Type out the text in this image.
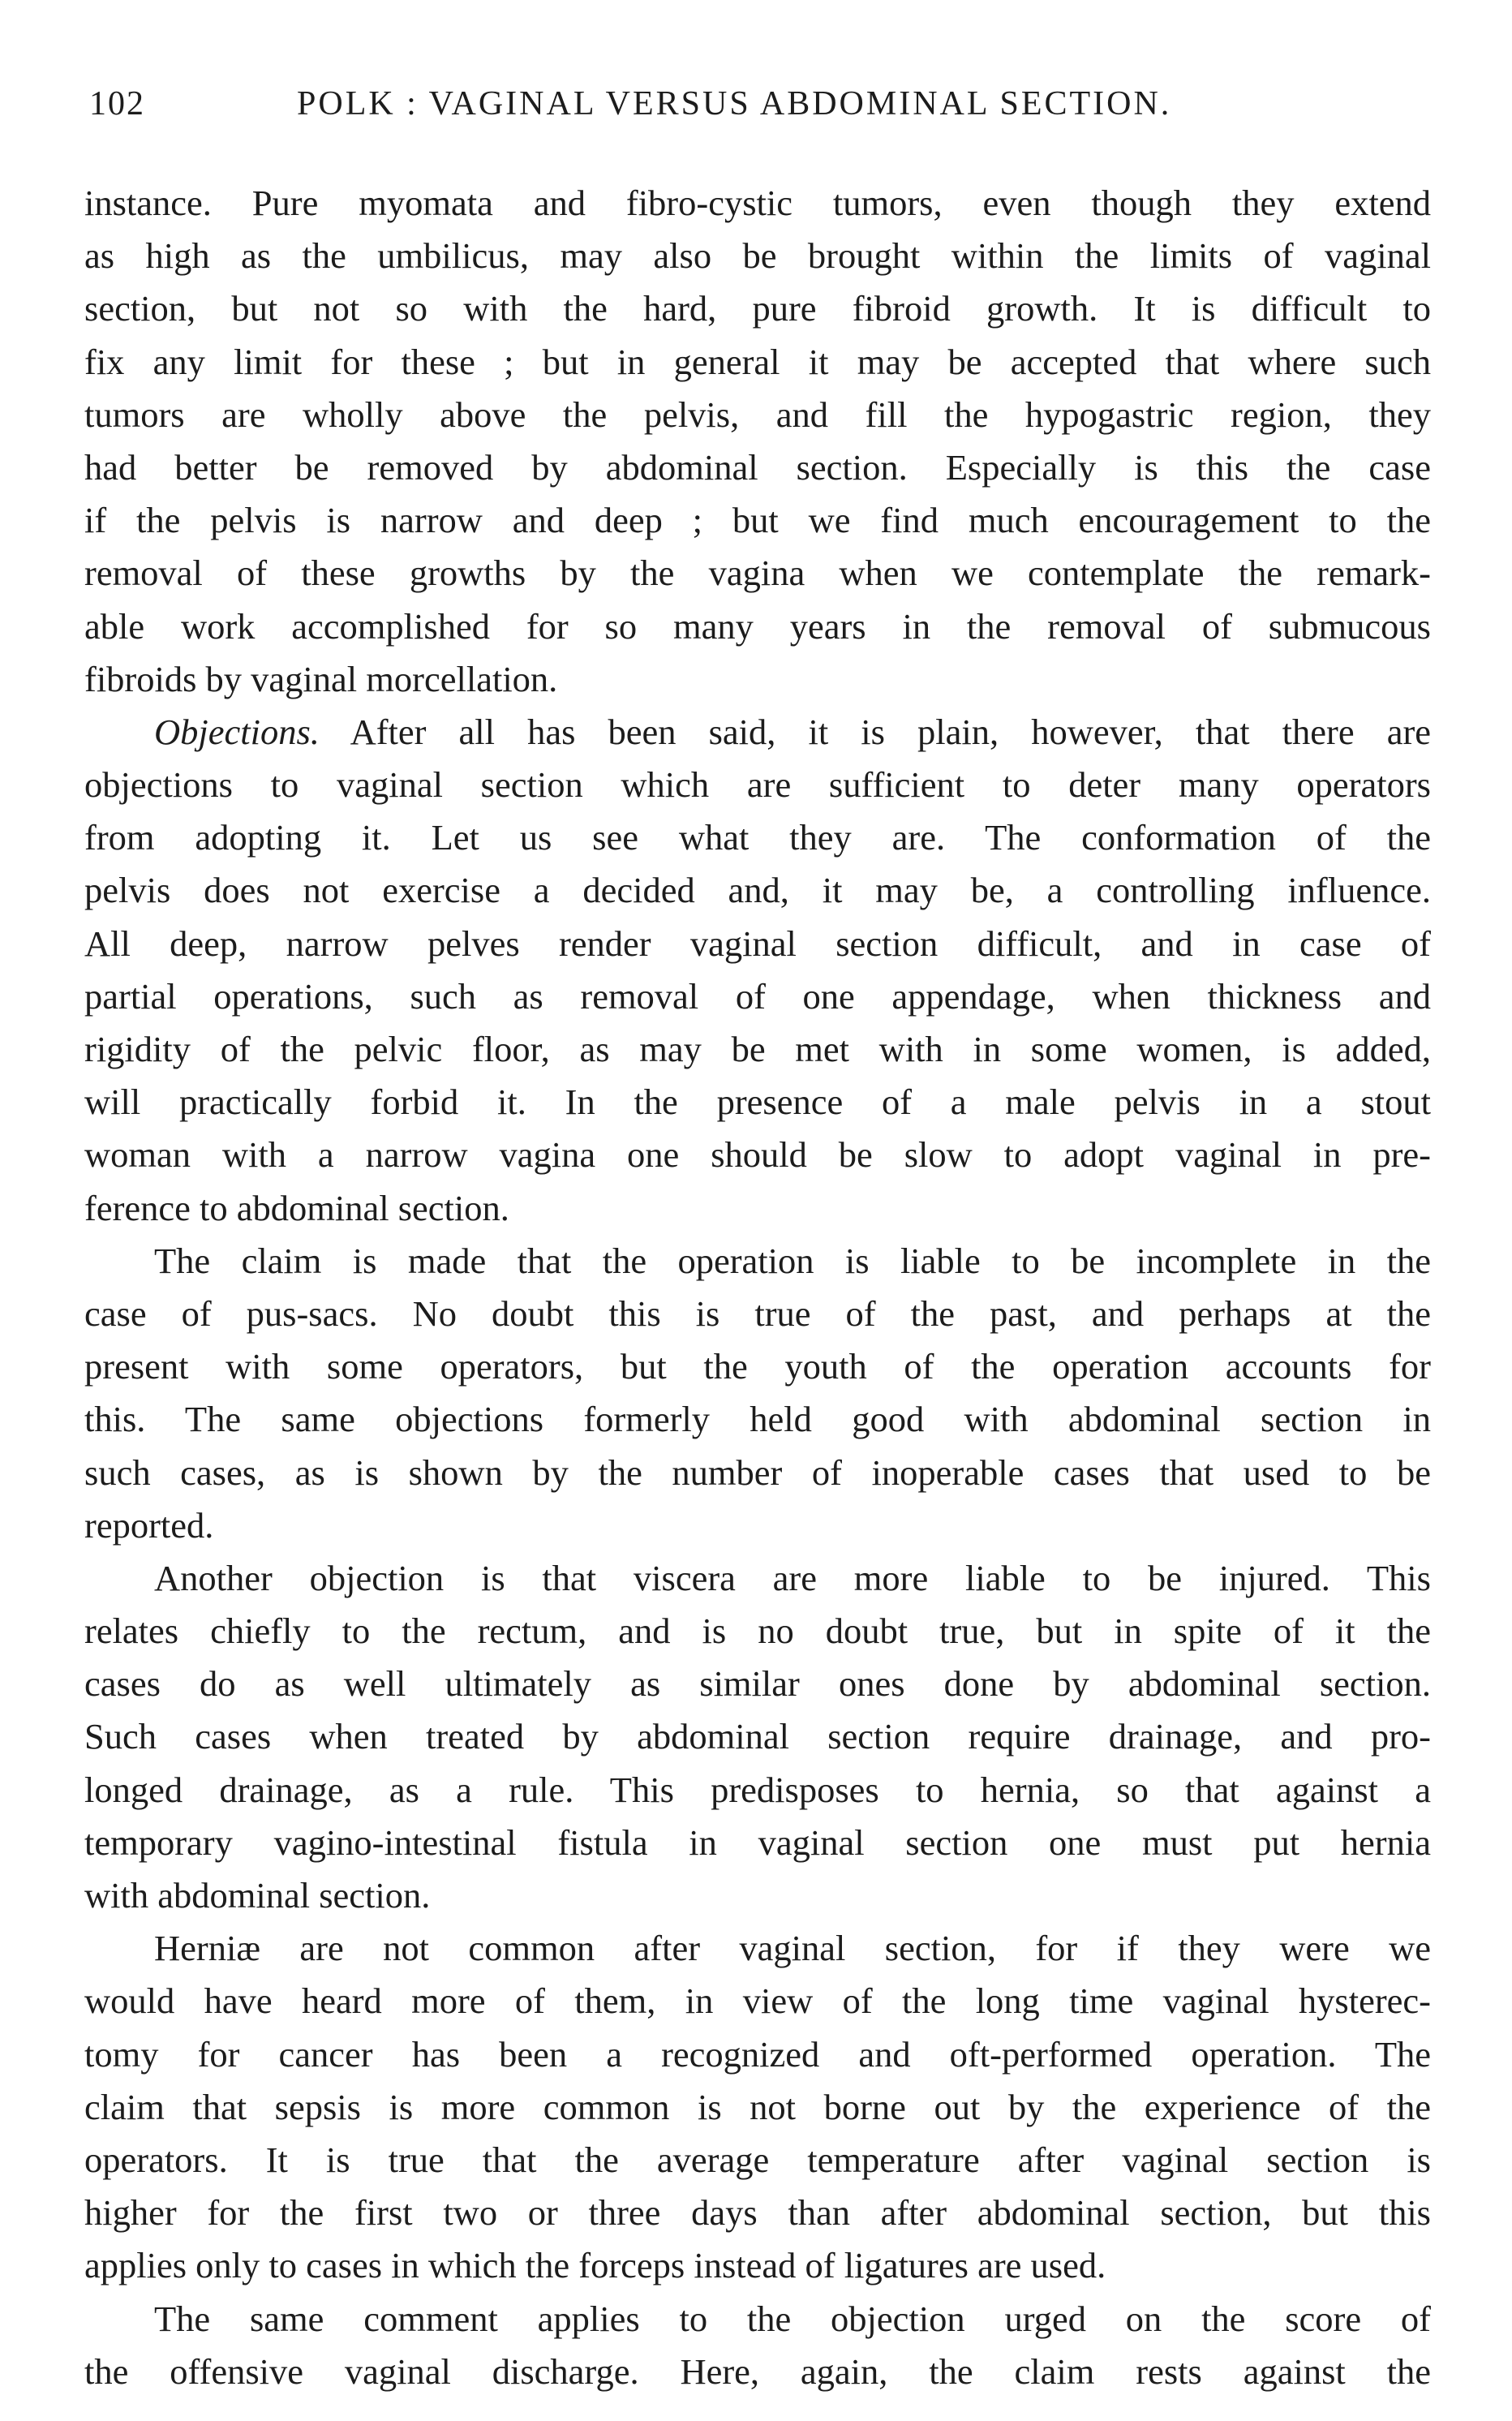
102	POLK : VAGINAL VERSUS ABDOMINAL SECTION.
instance. Pure myomata and fibro-cystic tumors, even though they extend
as high as the umbilicus, may also be brought within the limits of vaginal
section, but not so with the hard, pure fibroid growth. It is difficult to
fix any limit for these ; but in general it may be accepted that where such
tumors are wholly above the pelvis, and fill the hypogastric region, they
had better be removed by abdominal section. Especially is this the case
if the pelvis is narrow and deep ; but we find much encouragement to the
removal of these growths by the vagina when we contemplate the remark-
able work accomplished for so many years in the removal of submucous
fibroids by vaginal morcellation.
Objections. After all has been said, it is plain, however, that there are
objections to vaginal section which are sufficient to deter many operators
from adopting it. Let us see what they are. The conformation of the
pelvis does not exercise a decided and, it may be, a controlling influence.
All deep, narrow pelves render vaginal section difficult, and in case of
partial operations, such as removal of one appendage, when thickness and
rigidity of the pelvic floor, as may be met with in some women, is added,
will practically forbid it. In the presence of a male pelvis in a stout
woman with a narrow vagina one should be slow to adopt vaginal in pre-
ference to abdominal section.
The claim is made that the operation is liable to be incomplete in the
case of pus-sacs. No doubt this is true of the past, and perhaps at the
present with some operators, but the youth of the operation accounts for
this. The same objections formerly held good with abdominal section in
such cases, as is shown by the number of inoperable cases that used to be
reported.
Another objection is that viscera are more liable to be injured. This
relates chiefly to the rectum, and is no doubt true, but in spite of it the
cases do as well ultimately as similar ones done by abdominal section.
Such cases when treated by abdominal section require drainage, and pro-
longed drainage, as a rule. This predisposes to hernia, so that against a
temporary vagino-intestinal fistula in vaginal section one must put hernia
with abdominal section.
Herniæ are not common after vaginal section, for if they were we
would have heard more of them, in view of the long time vaginal hysterec-
tomy for cancer has been a recognized and oft-performed operation. The
claim that sepsis is more common is not borne out by the experience of the
operators. It is true that the average temperature after vaginal section is
higher for the first two or three days than after abdominal section, but this
applies only to cases in which the forceps instead of ligatures are used.
The same comment applies to the objection urged on the score of
the offensive vaginal discharge. Here, again, the claim rests against the
